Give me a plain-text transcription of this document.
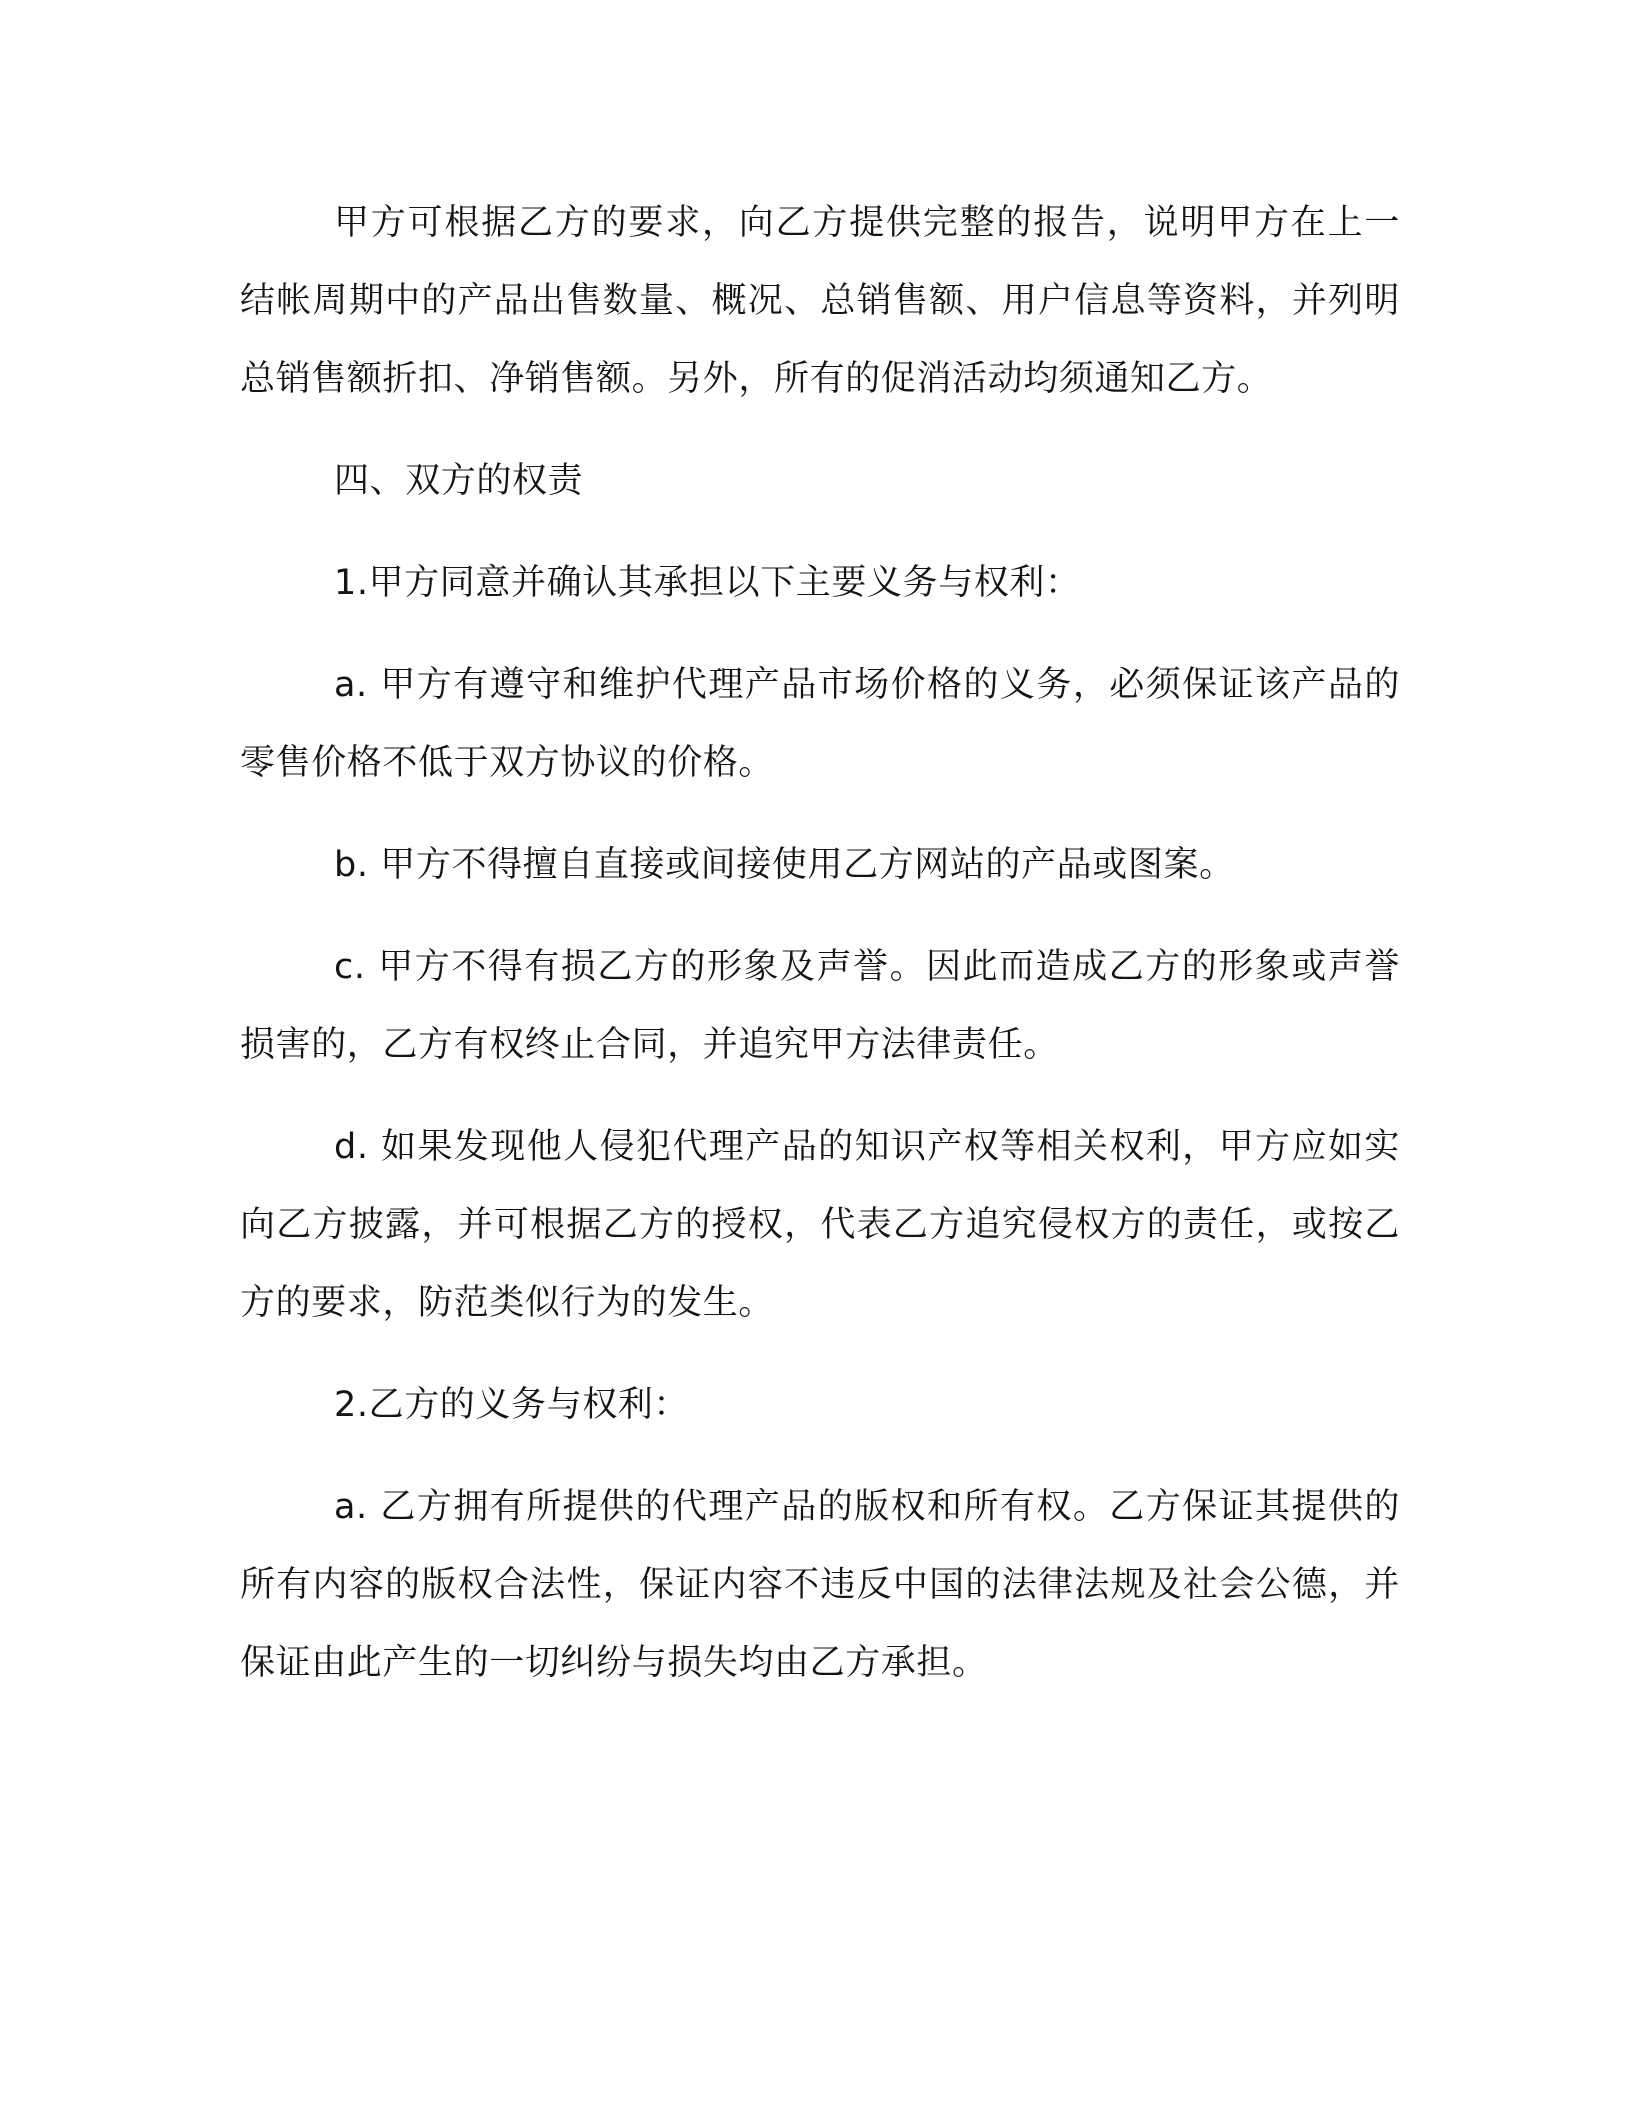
甲方可根据乙方的要求，向乙方提供完整的报告，说明甲方在上一结帐周期中的产品出售数量、概况、总销售额、用户信息等资料，并列明总销售额折扣、净销售额。另外，所有的促消活动均须通知乙方。

四、双方的权责

1.甲方同意并确认其承担以下主要义务与权利：

a. 甲方有遵守和维护代理产品市场价格的义务，必须保证该产品的零售价格不低于双方协议的价格。

b. 甲方不得擅自直接或间接使用乙方网站的产品或图案。

c. 甲方不得有损乙方的形象及声誉。因此而造成乙方的形象或声誉损害的，乙方有权终止合同，并追究甲方法律责任。

d. 如果发现他人侵犯代理产品的知识产权等相关权利，甲方应如实向乙方披露，并可根据乙方的授权，代表乙方追究侵权方的责任，或按乙方的要求，防范类似行为的发生。

2.乙方的义务与权利：

a. 乙方拥有所提供的代理产品的版权和所有权。乙方保证其提供的所有内容的版权合法性，保证内容不违反中国的法律法规及社会公德，并保证由此产生的一切纠纷与损失均由乙方承担。
